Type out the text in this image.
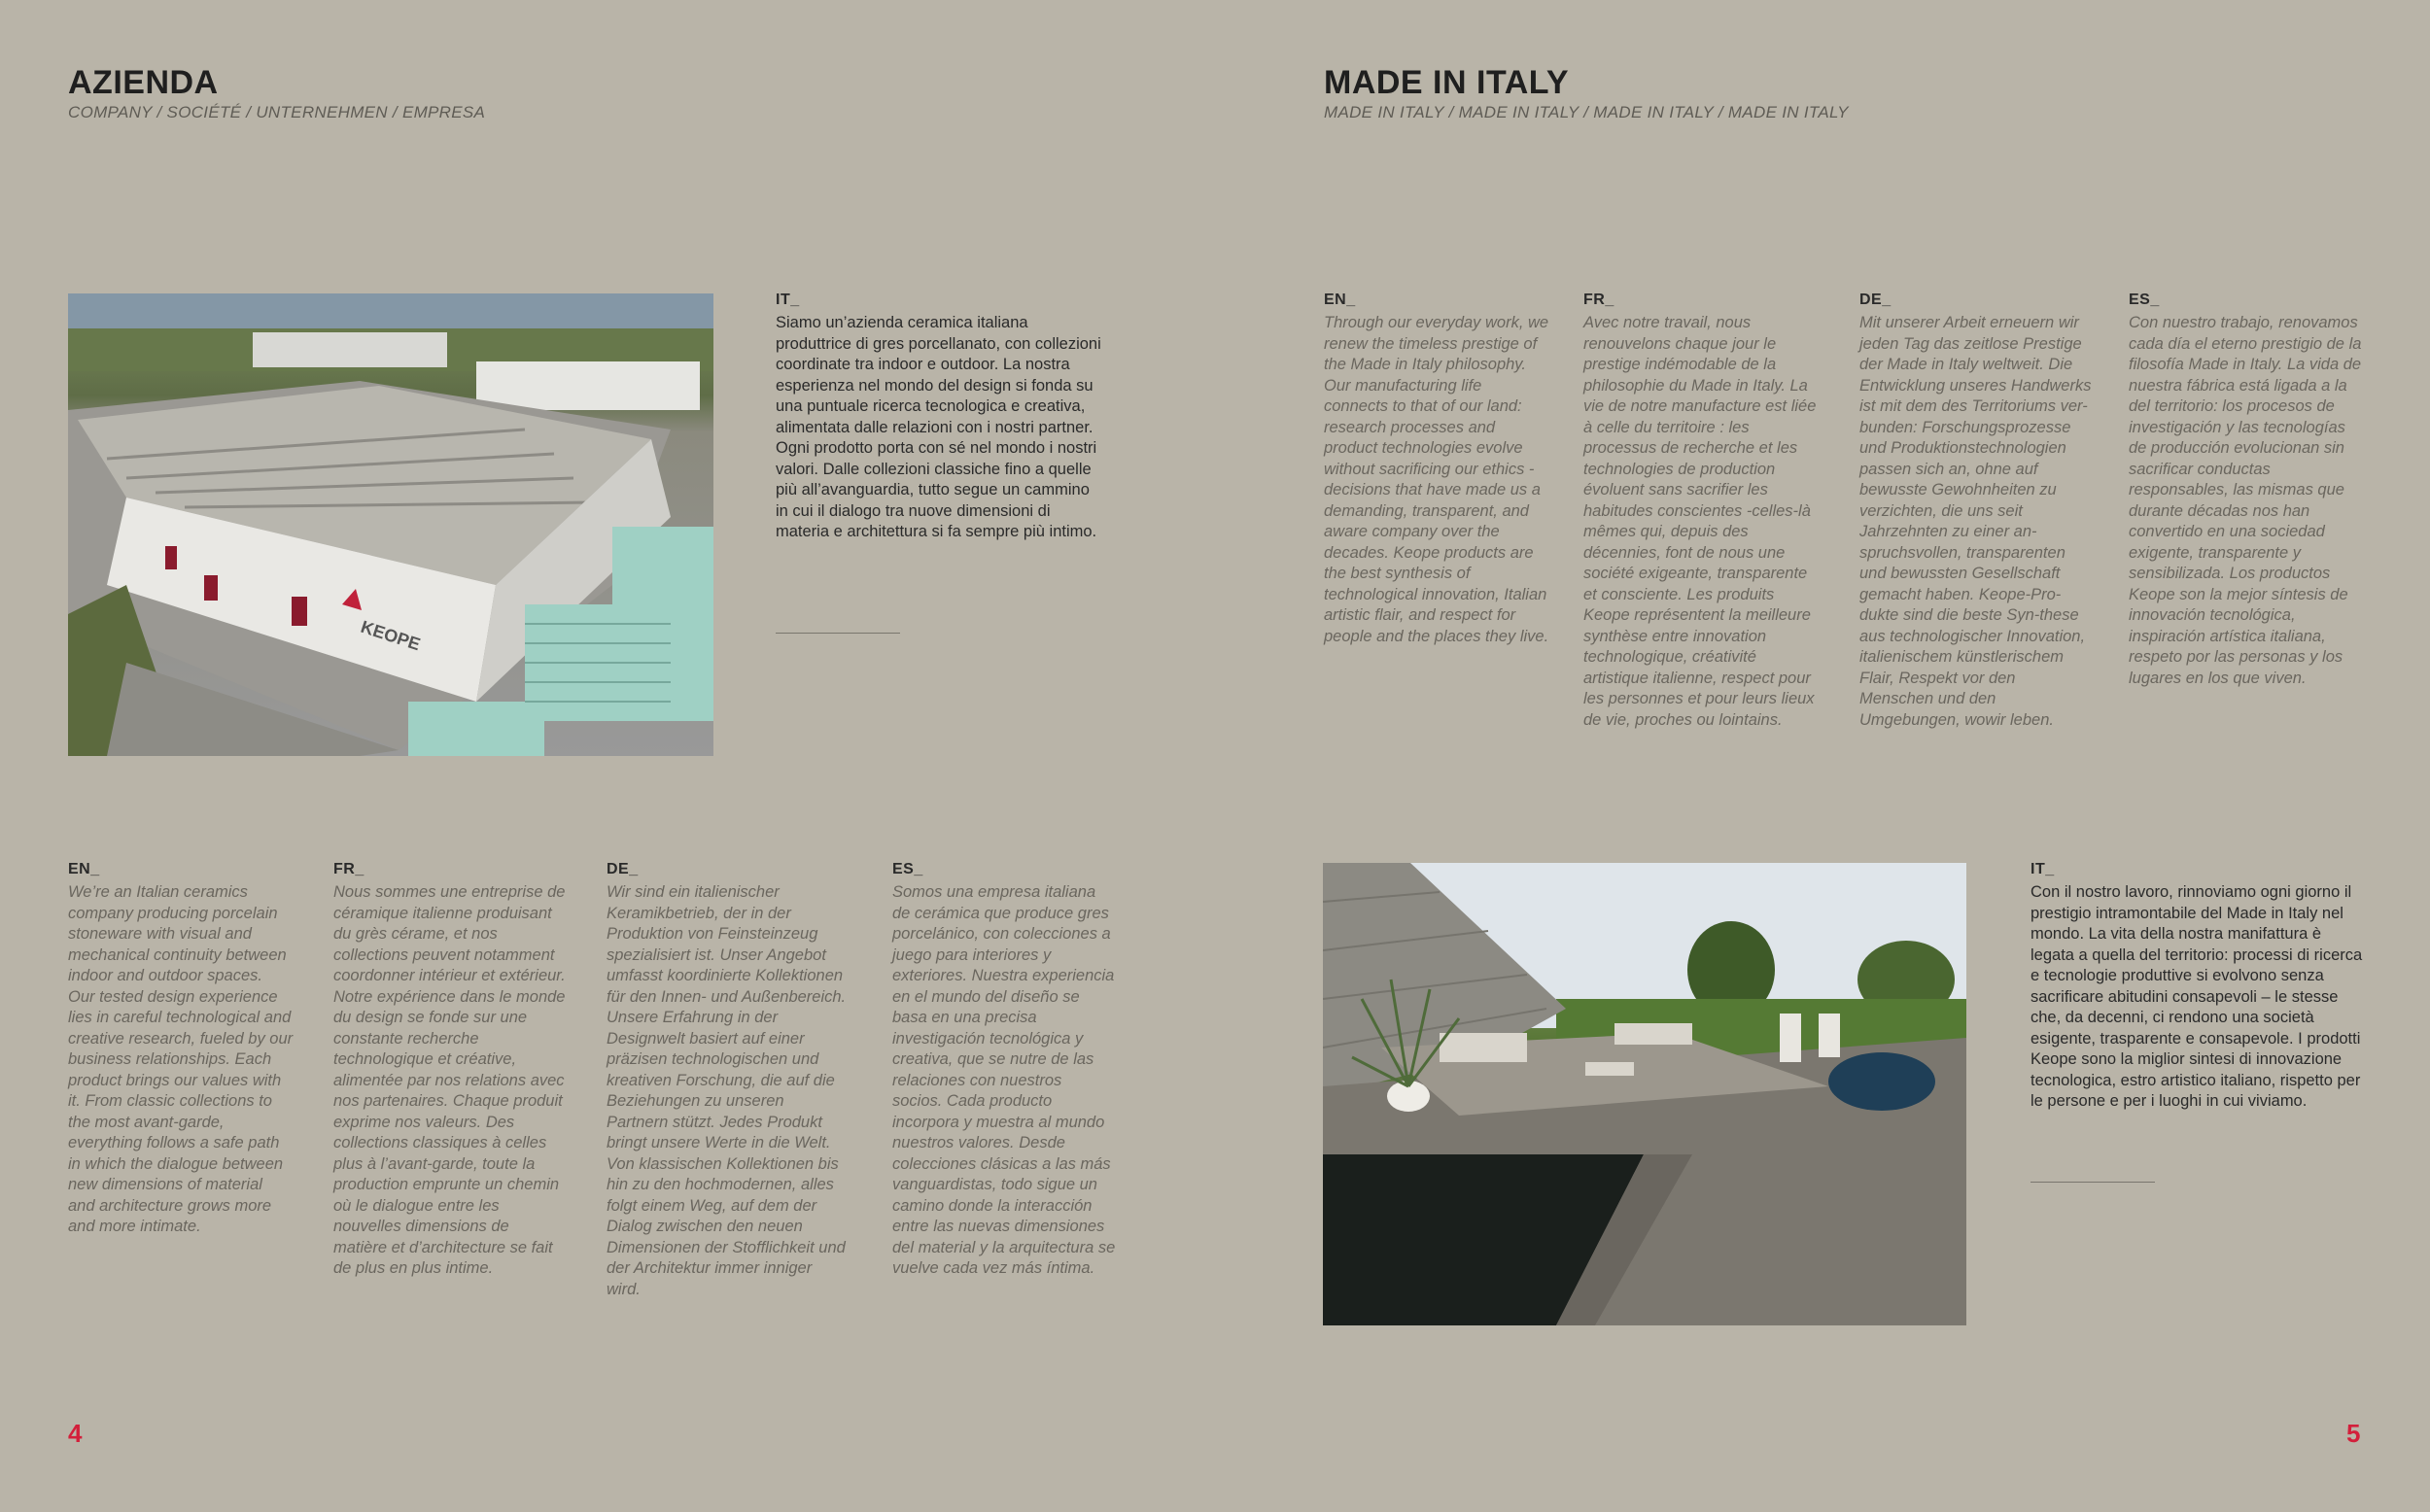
AZIENDA
COMPANY / SOCIÉTÉ / UNTERNEHMEN / EMPRESA
KEOPE
IT_
Siamo un’azienda ceramica italiana produttrice di gres porcellanato, con collezioni coordinate tra indoor e outdoor. La nostra esperienza nel mondo del design si fonda su una puntuale ricerca tecnologica e creativa, alimentata dalle relazioni con i nostri partner. Ogni prodotto porta con sé nel mondo i nostri valori. Dalle collezioni classiche fino a quelle più all’avanguardia, tutto segue un cammino in cui il dialogo tra nuove dimensioni di materia e architettura si fa sempre più intimo.
EN_
We’re an Italian ceramics company producing porcelain stoneware with visual and mechanical continuity between indoor and outdoor spaces. Our tested design experience lies in careful technological and creative research, fueled by our business relationships. Each product brings our values with it. From classic collections to the most avant-garde, everything follows a safe path in which the dialogue between new dimensions of material and architecture grows more and more intimate.
FR_
Nous sommes une entreprise de céramique italienne produisant du grès cérame, et nos collections peuvent notamment coordonner intérieur et extérieur. Notre expérience dans le monde du design se fonde sur une constante recherche technologique et créative, alimentée par nos relations avec nos partenaires. Chaque produit exprime nos valeurs. Des collections classiques à celles plus à l’avant-garde, toute la production emprunte un chemin où le dialogue entre les nouvelles dimensions de matière et d’architecture se fait de plus en plus intime.
DE_
Wir sind ein italienischer Keramikbetrieb, der in der Produktion von Feinsteinzeug spezialisiert ist. Unser Angebot umfasst koordinierte Kollektionen für den Innen- und Außenbereich. Unsere Erfahrung in der Designwelt basiert auf einer präzisen technologischen und kreativen Forschung, die auf die Beziehungen zu unseren Partnern stützt. Jedes Produkt bringt unsere Werte in die Welt. Von klassischen Kollektionen bis hin zu den hochmodernen, alles folgt einem Weg, auf dem der Dialog zwischen den neuen Dimensionen der Stofflichkeit und der Architektur immer inniger wird.
ES_
Somos una empresa italiana de cerámica que produce gres porcelánico, con colecciones a juego para interiores y exteriores. Nuestra experiencia en el mundo del diseño se basa en una precisa investigación tecnológica y creativa, que se nutre de las relaciones con nuestros socios. Cada producto incorpora y muestra al mundo nuestros valores. Desde colecciones clásicas a las más vanguardistas, todo sigue un camino donde la interacción entre las nuevas dimensiones del material y la arquitectura se vuelve cada vez más íntima.
4
MADE IN ITALY
MADE IN ITALY / MADE IN ITALY / MADE IN ITALY / MADE IN ITALY
EN_
Through our everyday work, we renew the timeless prestige of the Made in Italy philosophy. Our manufacturing life connects to that of our land: research processes and product technologies evolve without sacrificing our ethics - decisions that have made us a demanding, transparent, and aware company over the decades. Keope products are the best synthesis of technological innovation, Italian artistic flair, and respect for people and the places they live.
FR_
Avec notre travail, nous renouvelons chaque jour le prestige indémodable de la philosophie du Made in Italy. La vie de notre manufacture est liée à celle du territoire : les processus de recherche et les technologies de production évoluent sans sacrifier les habitudes conscientes -celles-là mêmes qui, depuis des décennies, font de nous une société exigeante, transparente et consciente. Les produits Keope représentent la meilleure synthèse entre innovation technologique, créativité artistique italienne, respect pour les personnes et pour leurs lieux de vie, proches ou lointains.
DE_
Mit unserer Arbeit erneuern wir jeden Tag das zeitlose Prestige der Made in Italy weltweit. Die Entwicklung unseres Handwerks ist mit dem des Territoriums ver-bunden: Forschungsprozesse und Produktionstechnologien passen sich an, ohne auf bewusste Gewohnheiten zu verzichten, die uns seit Jahrzehnten zu einer an-spruchsvollen, transparenten und bewussten Gesellschaft gemacht haben. Keope-Pro-dukte sind die beste Syn-these aus technologischer Innovation, italienischem künstlerischem Flair, Respekt vor den Menschen und den Umgebungen, wowir leben.
ES_
Con nuestro trabajo, renovamos cada día el eterno prestigio de la filosofía Made in Italy. La vida de nuestra fábrica está ligada a la del territorio: los procesos de investigación y las tecnologías de producción evolucionan sin sacrificar conductas responsables, las mismas que durante décadas nos han convertido en una sociedad exigente, transparente y sensibilizada. Los productos Keope son la mejor síntesis de innovación tecnológica, inspiración artística italiana, respeto por las personas y los lugares en los que viven.
IT_
Con il nostro lavoro, rinnoviamo ogni giorno il prestigio intramontabile del Made in Italy nel mondo. La vita della nostra manifattura è legata a quella del territorio: processi di ricerca e tecnologie produttive si evolvono senza sacrificare abitudini consapevoli – le stesse che, da decenni, ci rendono una società esigente, trasparente e consapevole. I prodotti Keope sono la miglior sintesi di innovazione tecnologica, estro artistico italiano, rispetto per le persone e per i luoghi in cui viviamo.
5
